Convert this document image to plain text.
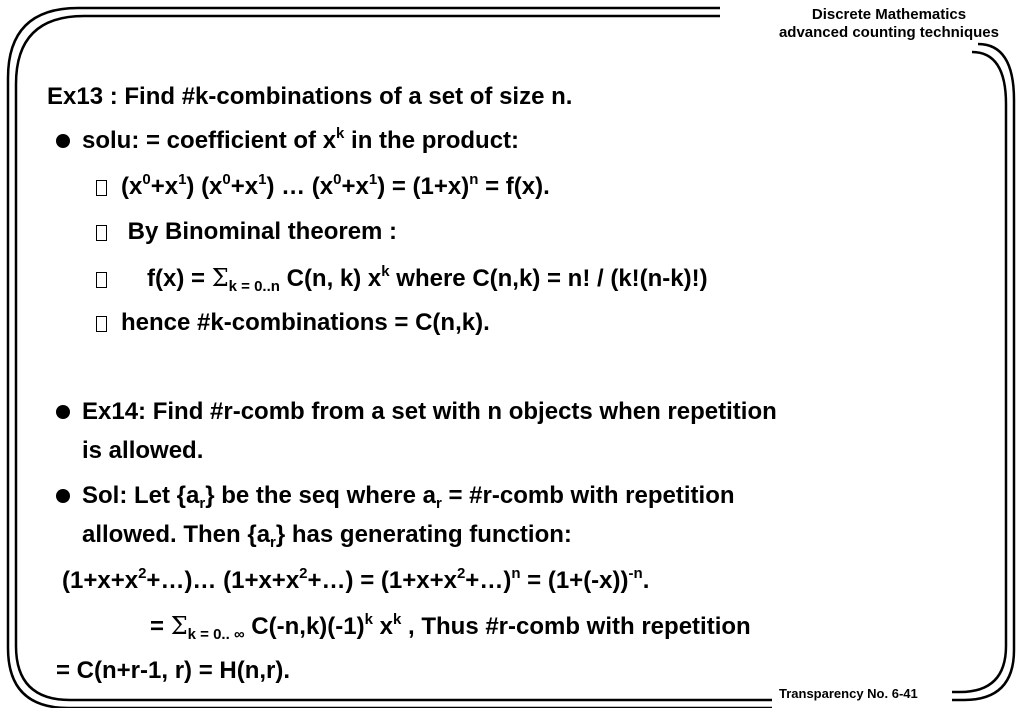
Discrete Mathematics
advanced counting techniques
Transparency No. 6-41
Ex13 : Find #k-combinations of a set of size n.
solu: = coefficient of $x^k$ in the product:
$(x^0+x^1)$ $(x^0+x^1)$ … $(x^0+x^1) = (1+x)^n = f(x)$.
By Binominal theorem :
$f(x) = \Sigma_{k = 0..n}$ C(n, k) $x^k$ where C(n,k) = n! / (k!(n-k)!)
hence #k-combinations = C(n,k).
Ex14: Find #r-comb from a set with n objects when repetition
is allowed.
Sol: Let $\{a_r\}$ be the seq where $a_r$ = #r-comb with repetition
allowed. Then $\{a_r\}$ has generating function:
$(1+x+x^2+\dots)\dots$ $(1+x+x^2+\dots)$ = $(1+x+x^2+\dots)^n = (1+(-x))^{-n}$.
= $\Sigma_{k = 0.. \infty}$ $C(-n,k)(-1)^k$ $x^k$ , Thus #r-comb with repetition
= C(n+r-1, r) = H(n,r).
